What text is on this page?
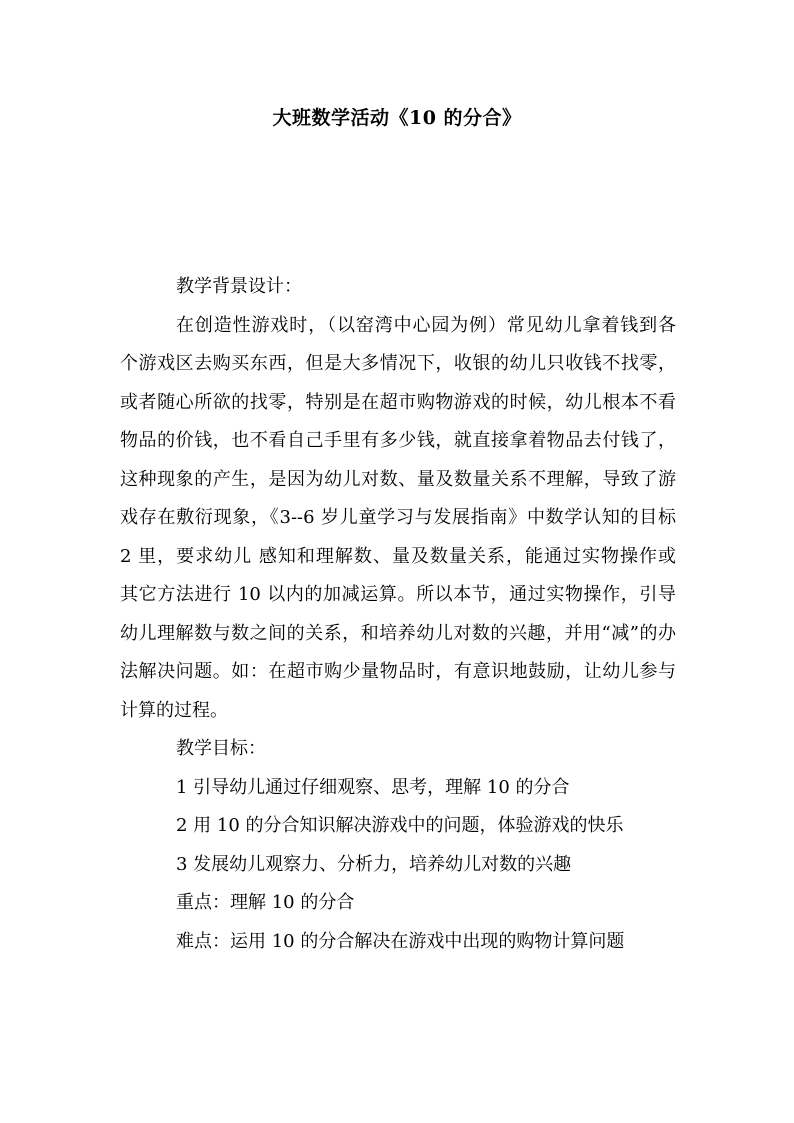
大班数学活动《10 的分合》
教学背景设计：
在创造性游戏时，（以窑湾中心园为例）常见幼儿拿着钱到各
个游戏区去购买东西，但是大多情况下，收银的幼儿只收钱不找零，
或者随心所欲的找零，特别是在超市购物游戏的时候，幼儿根本不看
物品的价钱，也不看自己手里有多少钱，就直接拿着物品去付钱了，
这种现象的产生，是因为幼儿对数、量及数量关系不理解，导致了游
戏存在敷衍现象，《3--6 岁儿童学习与发展指南》中数学认知的目标
2 里，要求幼儿 感知和理解数、量及数量关系，能通过实物操作或
其它方法进行 10 以内的加减运算。所以本节，通过实物操作，引导
幼儿理解数与数之间的关系，和培养幼儿对数的兴趣，并用“减”的办
法解决问题。如：在超市购少量物品时，有意识地鼓励，让幼儿参与
计算的过程。
教学目标：
1 引导幼儿通过仔细观察、思考，理解 10 的分合
2 用 10 的分合知识解决游戏中的问题，体验游戏的快乐
3 发展幼儿观察力、分析力，培养幼儿对数的兴趣
重点：理解 10 的分合
难点：运用 10 的分合解决在游戏中出现的购物计算问题
